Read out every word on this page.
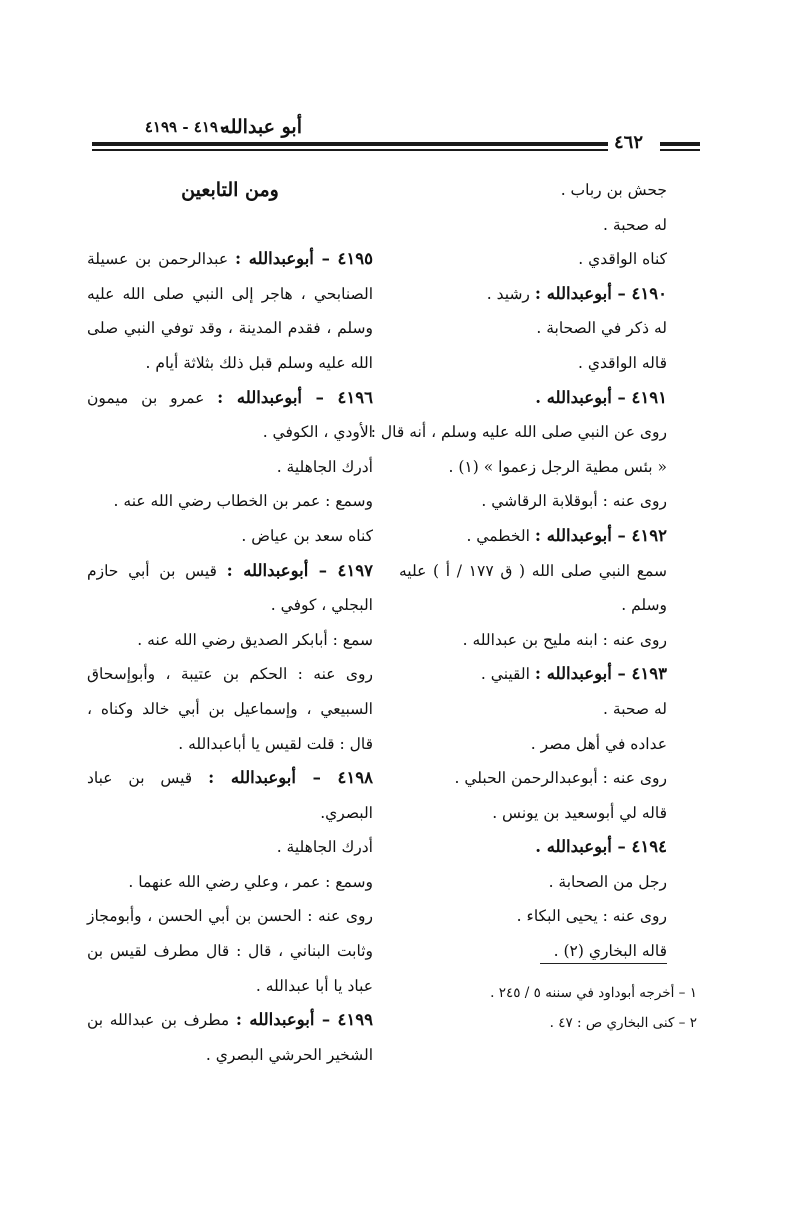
أبو عبدالله
٤١٩٠ - ٤١٩٩
٤٦٢
جحش بن رباب .
له صحبة .
كناه الواقدي .
٤١٩٠ – أبوعبدالله : رشيد .
له ذكر في الصحابة .
قاله الواقدي .
٤١٩١ – أبوعبدالله .
روى عن النبي صلى الله عليه وسلم ، أنه قال :
« بئس مطية الرجل زعموا » (١) .
روى عنه : أبوقلابة الرقاشي .
٤١٩٢ – أبوعبدالله : الخطمي .
سمع النبي صلى الله ( ق ١٧٧ / أ ) عليه
وسلم .
روى عنه : ابنه مليح بن عبدالله .
٤١٩٣ – أبوعبدالله : القيني .
له صحبة .
عداده في أهل مصر .
روى عنه : أبوعبدالرحمن الحبلي .
قاله لي أبوسعيد بن يونس .
٤١٩٤ – أبوعبدالله .
رجل من الصحابة .
روى عنه : يحيى البكاء .
قاله البخاري (٢) .
ومن التابعين
٤١٩٥ – أبوعبدالله : عبدالرحمن بن عسيلة
الصنابحي ، هاجر إلى النبي صلى الله عليه
وسلم ، فقدم المدينة ، وقد توفي النبي صلى
الله عليه وسلم قبل ذلك بثلاثة أيام .
٤١٩٦ – أبوعبدالله : عمرو بن ميمون
الأودي ، الكوفي .
أدرك الجاهلية .
وسمع : عمر بن الخطاب رضي الله عنه .
كناه سعد بن عياض .
٤١٩٧ – أبوعبدالله : قيس بن أبي حازم
البجلي ، كوفي .
سمع : أبابكر الصديق رضي الله عنه .
روى عنه : الحكم بن عتيبة ، وأبوإسحاق
السبيعي ، وإسماعيل بن أبي خالد وكناه ،
قال : قلت لقيس يا أباعبدالله .
٤١٩٨ – أبوعبدالله : قيس بن عباد
البصري.
أدرك الجاهلية .
وسمع : عمر ، وعلي رضي الله عنهما .
روى عنه : الحسن بن أبي الحسن ، وأبومجاز
وثابت البناني ، قال : قال مطرف لقيس بن
عباد يا أبا عبدالله .
٤١٩٩ – أبوعبدالله : مطرف بن عبدالله بن
الشخير الحرشي البصري .
١ – أخرجه أبوداود في سننه ٥ / ٢٤٥ .
٢ – كنى البخاري ص : ٤٧ .
